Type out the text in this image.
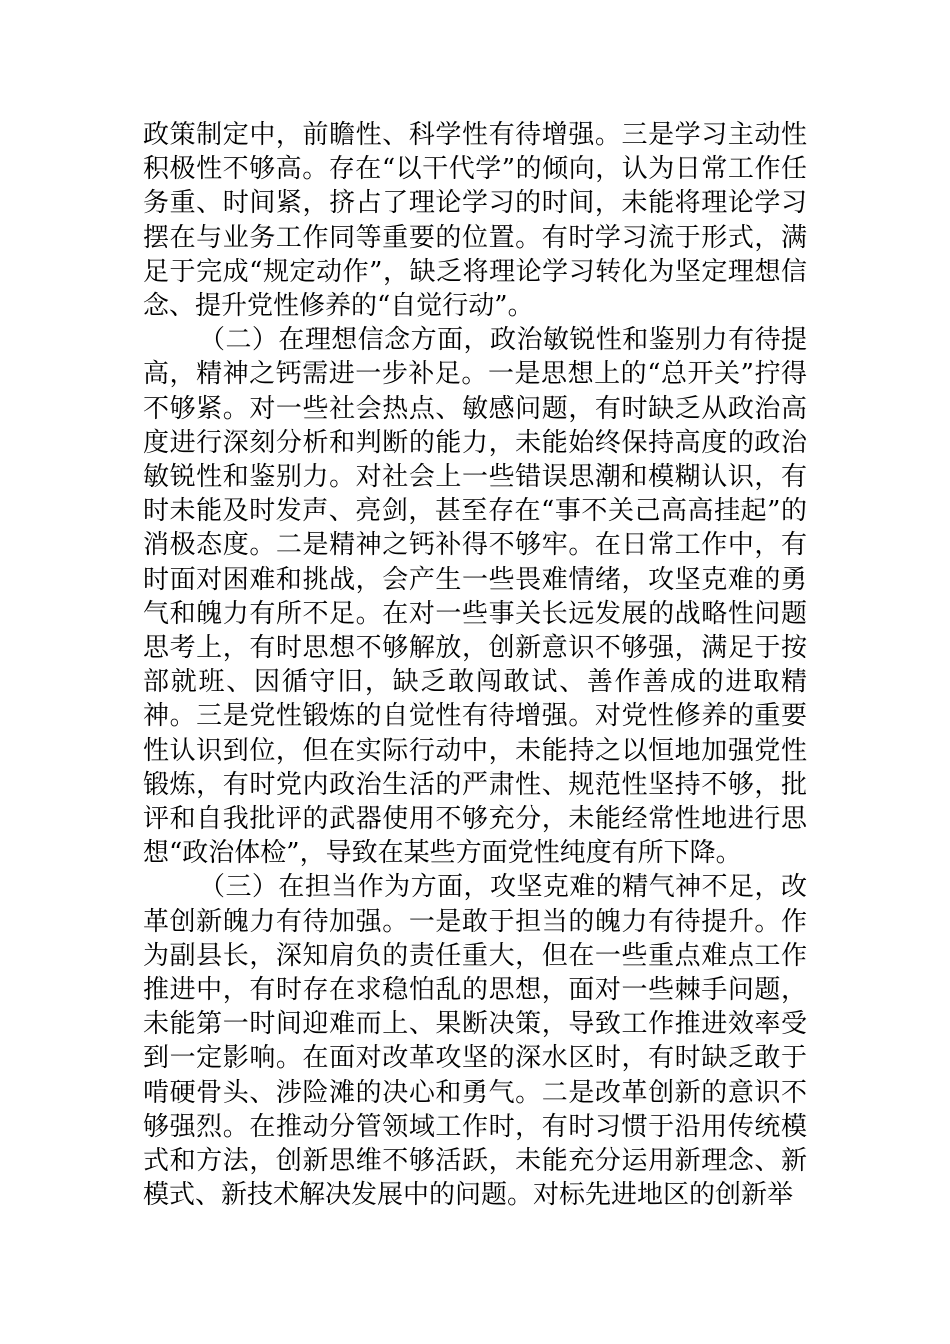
政策制定中，前瞻性、科学性有待增强。三是学习主动性积极性不够高。存在“以干代学”的倾向，认为日常工作任务重、时间紧，挤占了理论学习的时间，未能将理论学习摆在与业务工作同等重要的位置。有时学习流于形式，满足于完成“规定动作”，缺乏将理论学习转化为坚定理想信念、提升党性修养的“自觉行动”。

（二）在理想信念方面，政治敏锐性和鉴别力有待提高，精神之钙需进一步补足。一是思想上的“总开关”拧得不够紧。对一些社会热点、敏感问题，有时缺乏从政治高度进行深刻分析和判断的能力，未能始终保持高度的政治敏锐性和鉴别力。对社会上一些错误思潮和模糊认识，有时未能及时发声、亮剑，甚至存在“事不关己高高挂起”的消极态度。二是精神之钙补得不够牢。在日常工作中，有时面对困难和挑战，会产生一些畏难情绪，攻坚克难的勇气和魄力有所不足。在对一些事关长远发展的战略性问题思考上，有时思想不够解放，创新意识不够强，满足于按部就班、因循守旧，缺乏敢闯敢试、善作善成的进取精神。三是党性锻炼的自觉性有待增强。对党性修养的重要性认识到位，但在实际行动中，未能持之以恒地加强党性锻炼，有时党内政治生活的严肃性、规范性坚持不够，批评和自我批评的武器使用不够充分，未能经常性地进行思想“政治体检”，导致在某些方面党性纯度有所下降。

（三）在担当作为方面，攻坚克难的精气神不足，改革创新魄力有待加强。一是敢于担当的魄力有待提升。作为副县长，深知肩负的责任重大，但在一些重点难点工作推进中，有时存在求稳怕乱的思想，面对一些棘手问题，未能第一时间迎难而上、果断决策，导致工作推进效率受到一定影响。在面对改革攻坚的深水区时，有时缺乏敢于啃硬骨头、涉险滩的决心和勇气。二是改革创新的意识不够强烈。在推动分管领域工作时，有时习惯于沿用传统模式和方法，创新思维不够活跃，未能充分运用新理念、新模式、新技术解决发展中的问题。对标先进地区的创新举
